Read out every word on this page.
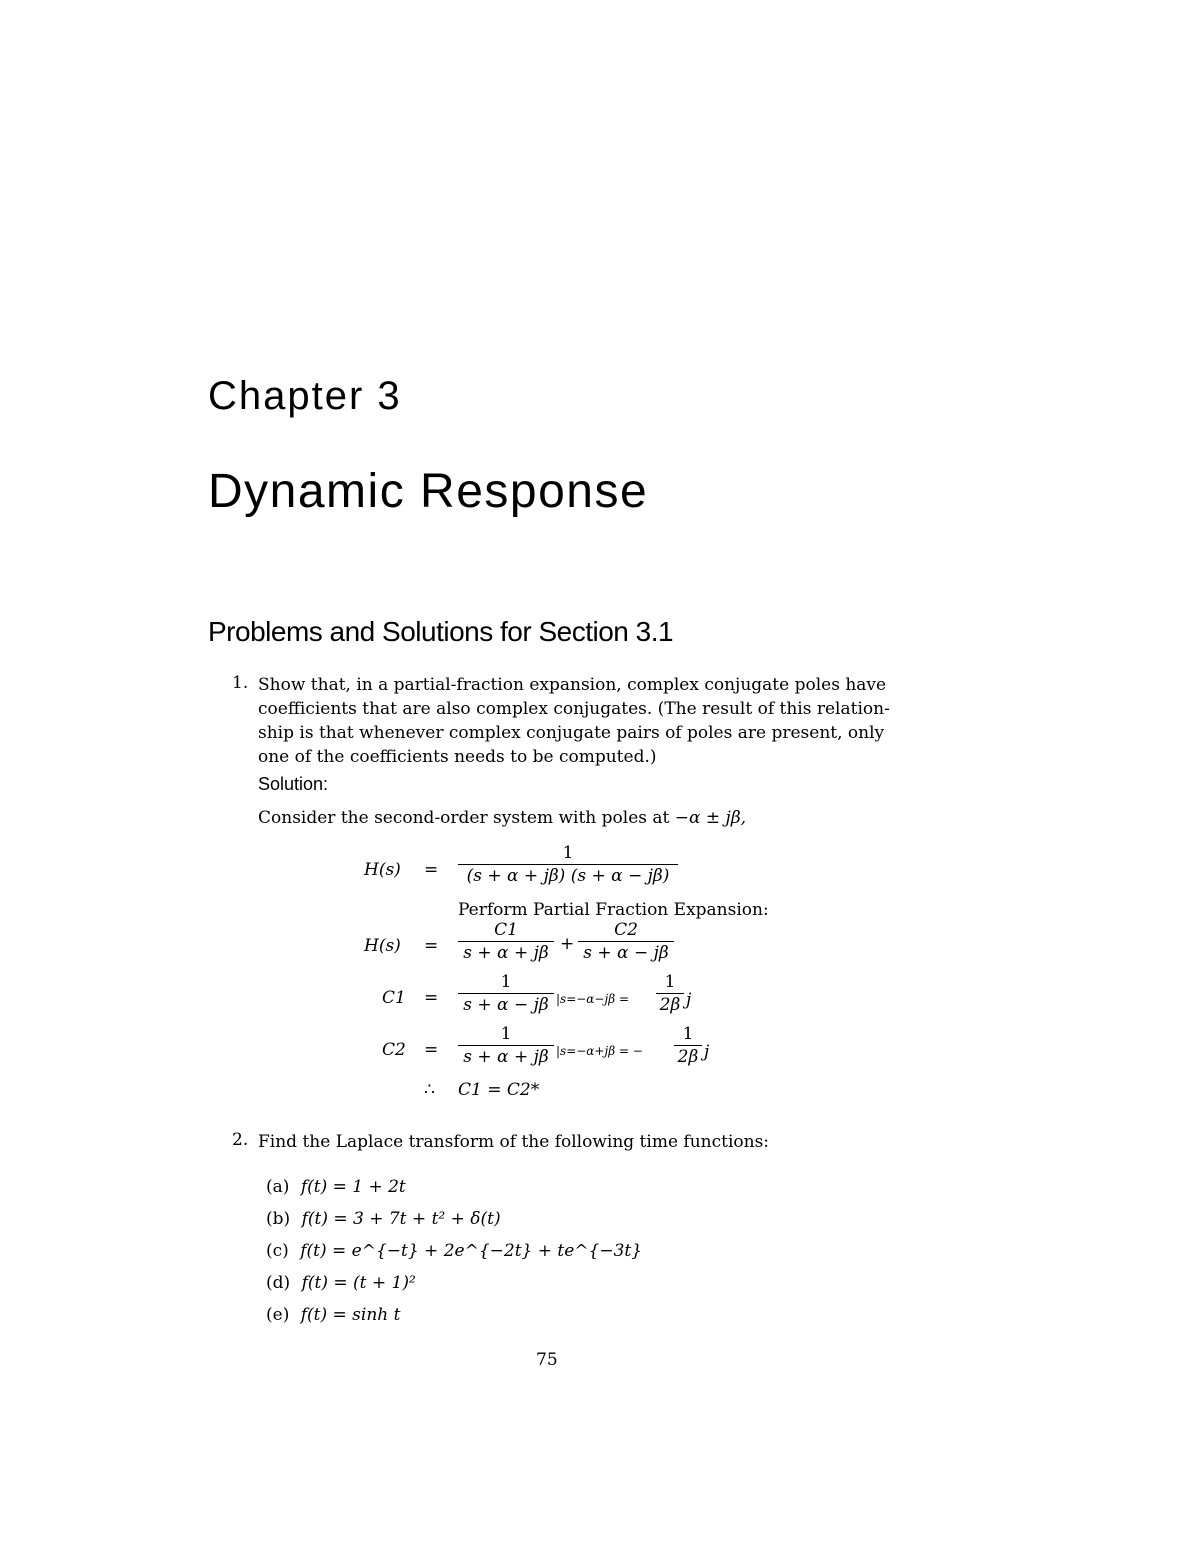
Chapter 3
Dynamic Response
Problems and Solutions for Section 3.1
1. Show that, in a partial-fraction expansion, complex conjugate poles have
coefficients that are also complex conjugates. (The result of this relation-
ship is that whenever complex conjugate pairs of poles are present, only
one of the coefficients needs to be computed.)
Solution:
Consider the second-order system with poles at −α ± jβ,
H(s) =
1
(s + α + jβ) (s + α − jβ)
Perform Partial Fraction Expansion:
H(s) =
C1
s + α + jβ +
C2
s + α − jβ
C1 =
1
s + α − jβ |s=−α−jβ =
1
2β j
C2 =
1
s + α + jβ |s=−α+jβ = −
1
2β j
∴ C1 = C2*
2. Find the Laplace transform of the following time functions:
(a) f(t) = 1 + 2t
(b) f(t) = 3 + 7t + t² + δ(t)
(c) f(t) = e^{−t} + 2e^{−2t} + te^{−3t}
(d) f(t) = (t + 1)²
(e) f(t) = sinh t
75
